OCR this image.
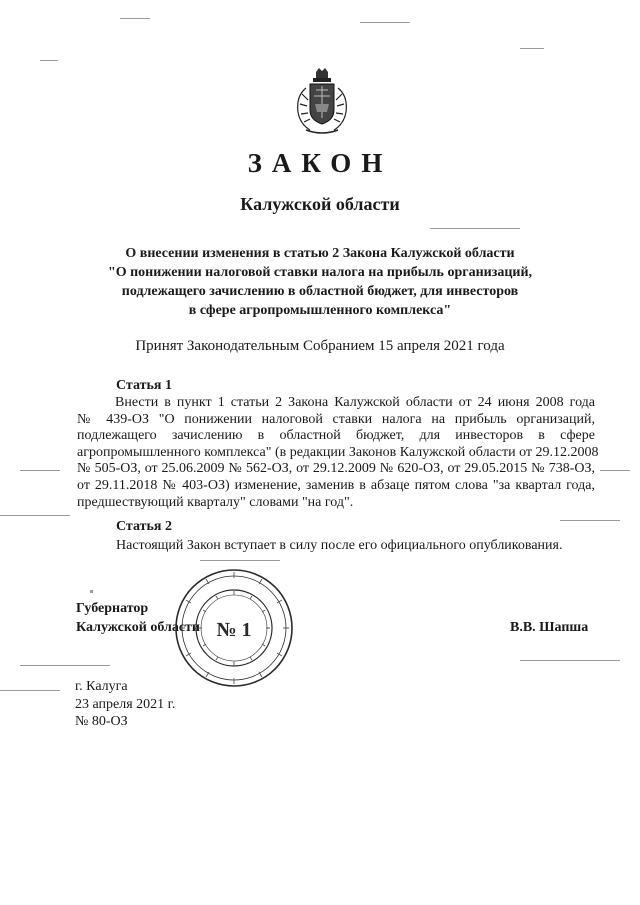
ЗАКОН
Калужской области
О внесении изменения в статью 2 Закона Калужской области
"О понижении налоговой ставки налога на прибыль организаций,
подлежащего зачислению в областной бюджет, для инвесторов
в сфере агропромышленного комплекса"
Принят Законодательным Собранием 15 апреля 2021 года
Статья 1
Внести в пункт 1 статьи 2 Закона Калужской области от 24 июня 2008 года
№ 439-ОЗ "О понижении налоговой ставки налога на прибыль организаций,
подлежащего зачислению в областной бюджет, для инвесторов в сфере
агропромышленного комплекса" (в редакции Законов Калужской области от 29.12.2008
№ 505-ОЗ, от 25.06.2009 № 562-ОЗ, от 29.12.2009 № 620-ОЗ, от 29.05.2015 № 738-ОЗ,
от 29.11.2018 № 403-ОЗ) изменение, заменив в абзаце пятом слова "за квартал года,
предшествующий кварталу" словами "на год".
Статья 2
Настоящий Закон вступает в силу после его официального опубликования.
Губернатор
Калужской области № 1	В.В. Шапша
г. Калуга
23 апреля 2021 г.
№ 80-ОЗ
